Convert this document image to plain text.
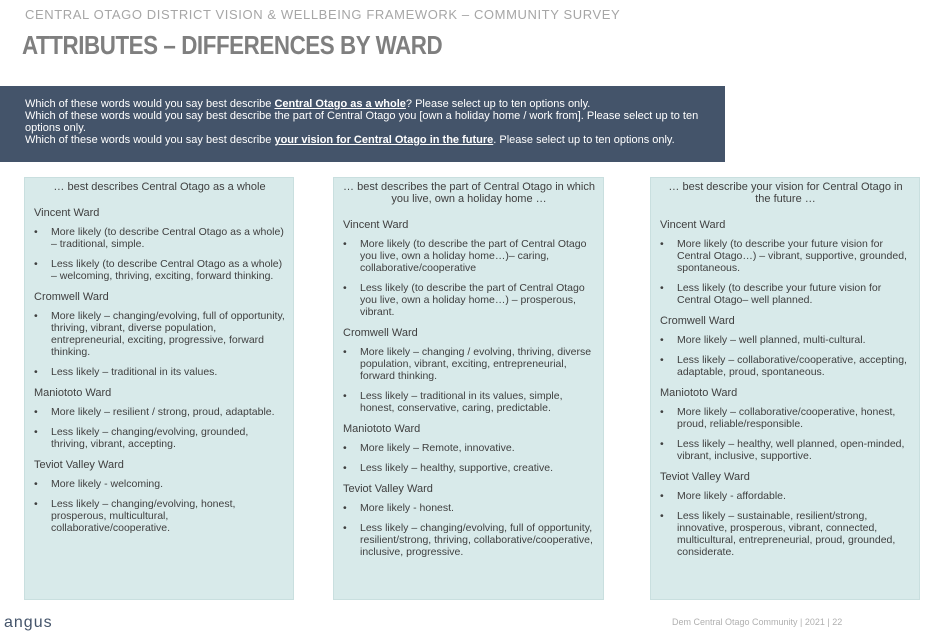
CENTRAL OTAGO DISTRICT VISION & WELLBEING FRAMEWORK – COMMUNITY SURVEY
ATTRIBUTES – DIFFERENCES BY WARD

Which of these words would you say best describe Central Otago as a whole? Please select up to ten options only.

Which of these words would you say best describe the part of Central Otago you [own a holiday home / work from]. Please select up to ten options only.

Which of these words would you say best describe your vision for Central Otago in the future. Please select up to ten options only.

… best describes Central Otago as a whole
Vincent Ward
• More likely (to describe Central Otago as a whole) – traditional, simple.
• Less likely (to describe Central Otago as a whole) – welcoming, thriving, exciting, forward thinking.
Cromwell Ward
• More likely – changing/evolving, full of opportunity, thriving, vibrant, diverse population, entrepreneurial, exciting, progressive, forward thinking.
• Less likely – traditional in its values.
Maniototo Ward
• More likely – resilient / strong, proud, adaptable.
• Less likely – changing/evolving, grounded, thriving, vibrant, accepting.
Teviot Valley Ward
• More likely - welcoming.
• Less likely – changing/evolving, honest, prosperous, multicultural, collaborative/cooperative.
… best describes the part of Central Otago in which you live, own a holiday home …
Vincent Ward
• More likely (to describe the part of Central Otago you live, own a holiday home…)– caring, collaborative/cooperative
• Less likely (to describe the part of Central Otago you live, own a holiday home…) – prosperous, vibrant.
Cromwell Ward
• More likely – changing / evolving, thriving, diverse population, vibrant, exciting, entrepreneurial, forward thinking.
• Less likely – traditional in its values, simple, honest, conservative, caring, predictable.
Maniototo Ward
• More likely – Remote, innovative.
• Less likely – healthy, supportive, creative.
Teviot Valley Ward
• More likely - honest.
• Less likely – changing/evolving, full of opportunity, resilient/strong, thriving, collaborative/cooperative, inclusive, progressive.
… best describe your vision for Central Otago in the future …
Vincent Ward
• More likely (to describe your future vision for Central Otago…) – vibrant, supportive, grounded, spontaneous.
• Less likely (to describe your future vision for Central Otago– well planned.
Cromwell Ward
• More likely – well planned, multi-cultural.
• Less likely – collaborative/cooperative, accepting, adaptable, proud, spontaneous.
Maniototo Ward
• More likely – collaborative/cooperative, honest, proud, reliable/responsible.
• Less likely – healthy, well planned, open-minded, vibrant, inclusive, supportive.
Teviot Valley Ward
• More likely - affordable.
• Less likely – sustainable, resilient/strong, innovative, prosperous, vibrant, connected, multicultural, entrepreneurial, proud, grounded, considerate.
angus	Dem Central Otago Community | 2021 | 22
